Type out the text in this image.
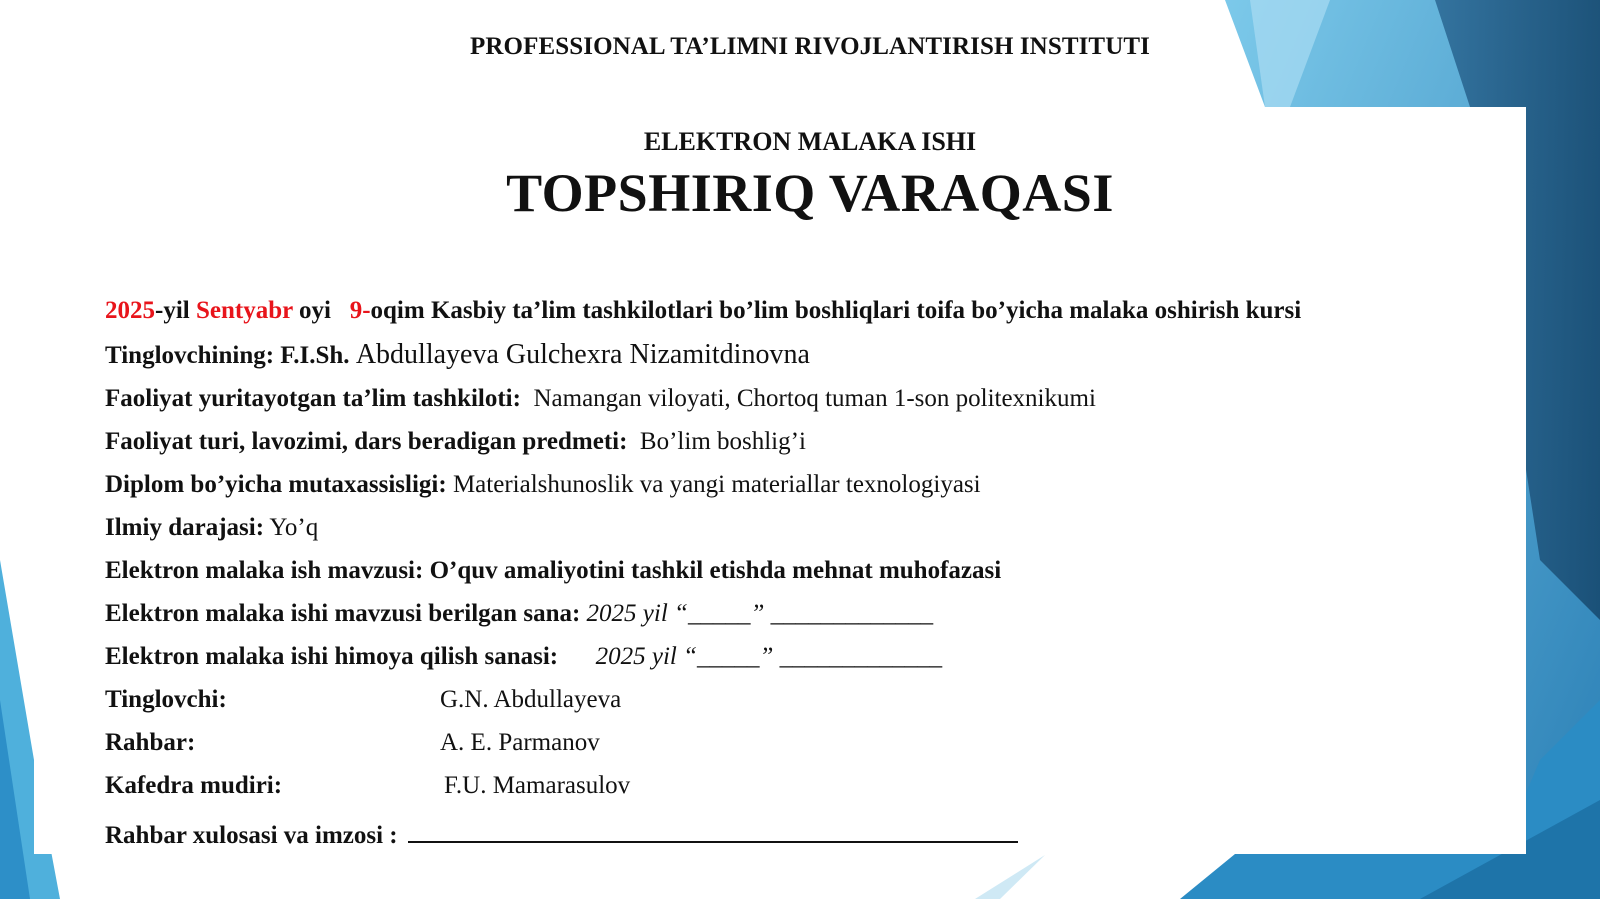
PROFESSIONAL TA’LIMNI RIVOJLANTIRISH INSTITUTI
ELEKTRON MALAKA ISHI
TOPSHIRIQ VARAQASI
2025-yil Sentyabr oyi   9-oqim Kasbiy ta’lim tashkilotlari bo’lim boshliqlari toifa bo’yicha malaka oshirish kursi
Tinglovchining: F.I.Sh. Abdullayeva Gulchexra Nizamitdinovna
Faoliyat yuritayotgan ta’lim tashkiloti: Namangan viloyati, Chortoq tuman 1-son politexnikumi
Faoliyat turi, lavozimi, dars beradigan predmeti: Bo’lim boshlig’i
Diplom bo’yicha mutaxassisligi: Materialshunoslik va yangi materiallar texnologiyasi
Ilmiy darajasi: Yo’q
Elektron malaka ish mavzusi: O’quv amaliyotini tashkil etishda mehnat muhofazasi
Elektron malaka ishi mavzusi berilgan sana: 2025 yil “_____” _____________
Elektron malaka ishi himoya qilish sanasi: 2025 yil “_____” _____________
Tinglovchi:	G.N. Abdullayeva
Rahbar:	A. E. Parmanov
Kafedra mudiri:	F.U. Mamarasulov
Rahbar xulosasi va imzosi :
